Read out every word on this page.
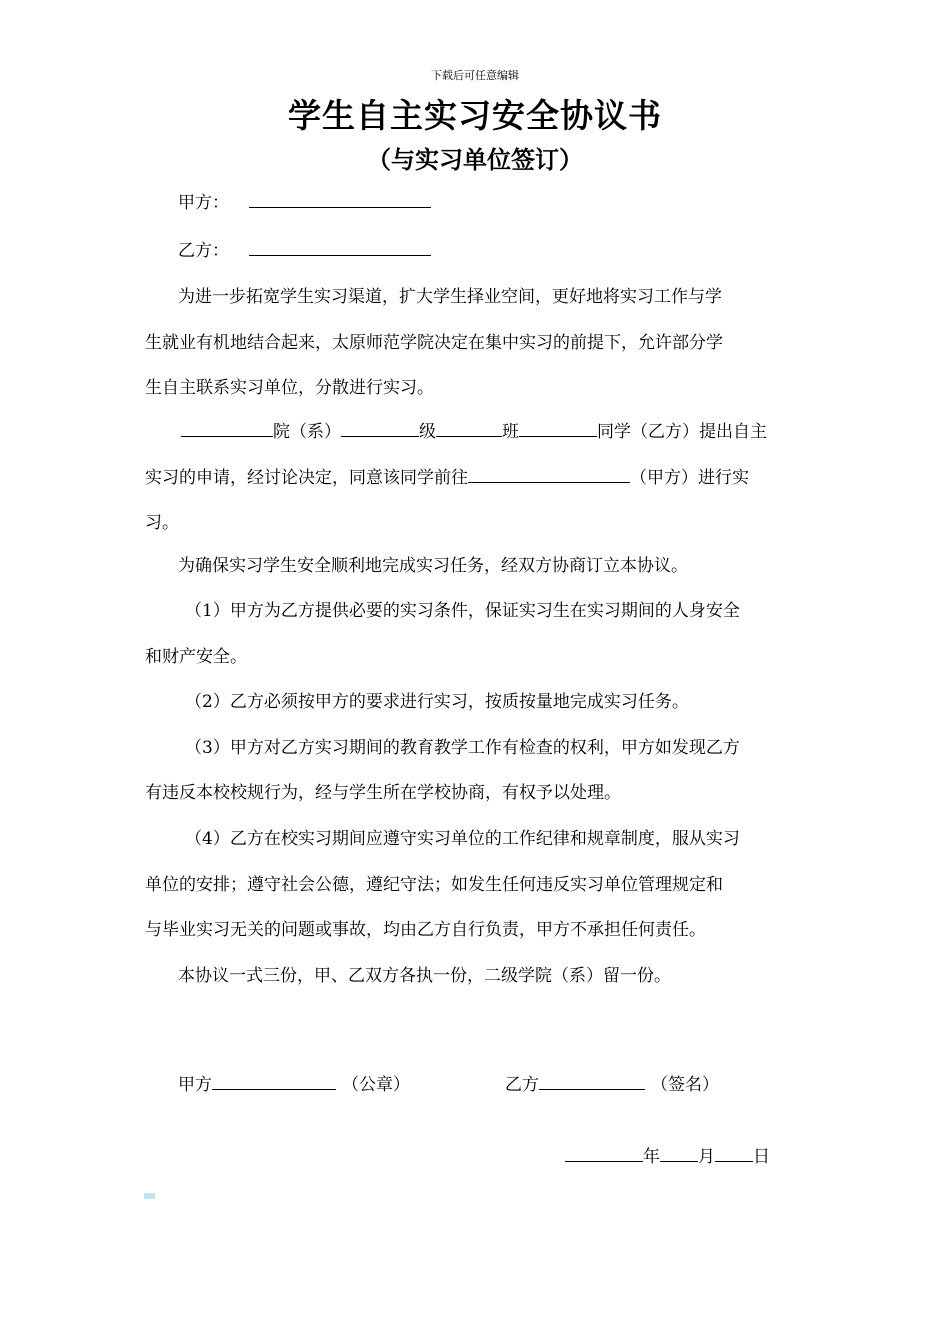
下载后可任意编辑
学生自主实习安全协议书
（与实习单位签订）
甲方：
乙方：
为进一步拓宽学生实习渠道，扩大学生择业空间，更好地将实习工作与学
生就业有机地结合起来，太原师范学院决定在集中实习的前提下，允许部分学
生自主联系实习单位，分散进行实习。
院（系）	级	班	同学（乙方）提出自主
实习的申请，经讨论决定，同意该同学前往	（甲方）进行实
习。
为确保实习学生安全顺利地完成实习任务，经双方协商订立本协议。
（1）甲方为乙方提供必要的实习条件，保证实习生在实习期间的人身安全
和财产安全。
（2）乙方必须按甲方的要求进行实习，按质按量地完成实习任务。
（3）甲方对乙方实习期间的教育教学工作有检查的权利，甲方如发现乙方
有违反本校校规行为，经与学生所在学校协商，有权予以处理。
（4）乙方在校实习期间应遵守实习单位的工作纪律和规章制度，服从实习
单位的安排；遵守社会公德，遵纪守法；如发生任何违反实习单位管理规定和
与毕业实习无关的问题或事故，均由乙方自行负责，甲方不承担任何责任。
本协议一式三份，甲、乙双方各执一份，二级学院（系）留一份。
甲方	（公章）	乙方	（签名）
年 月 日
